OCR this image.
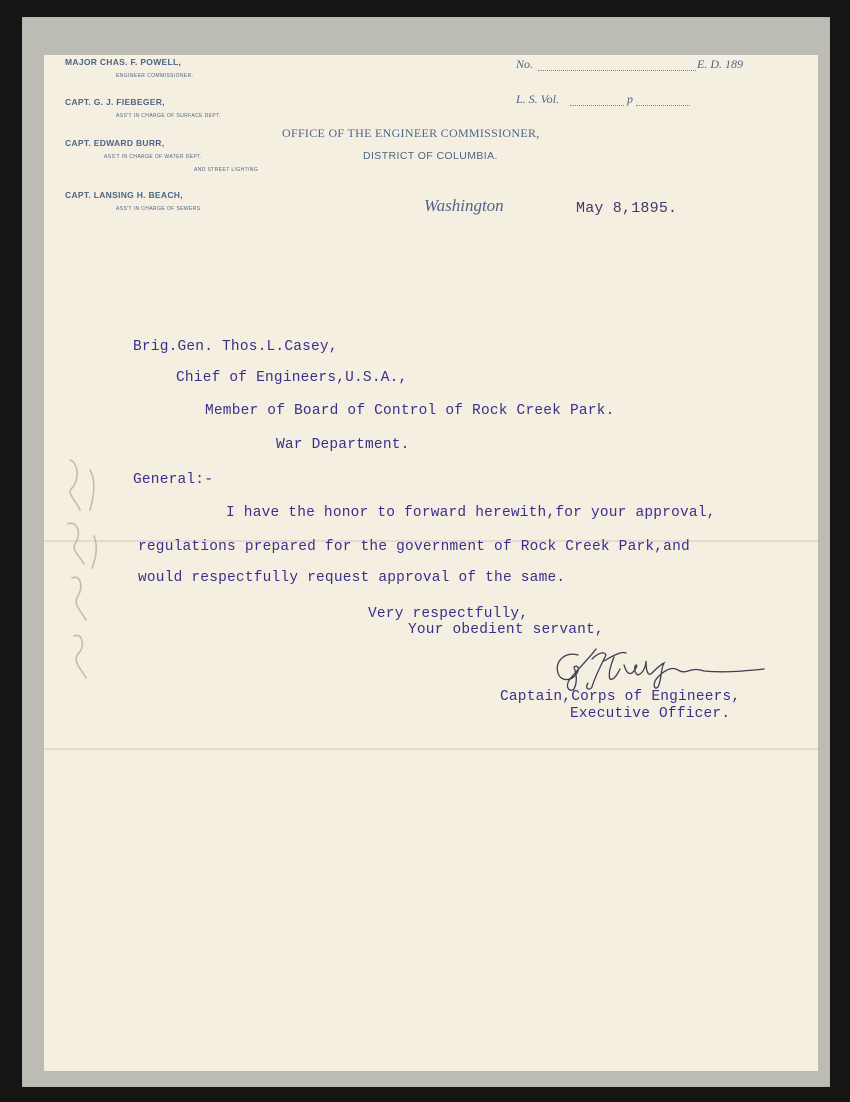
MAJOR CHAS. F. POWELL,
ENGINEER COMMISSIONER.
CAPT. G. J. FIEBEGER,
ASS'T IN CHARGE OF SURFACE DEPT.
CAPT. EDWARD BURR,
ASS'T IN CHARGE OF WATER DEPT.
AND STREET LIGHTING
CAPT. LANSING H. BEACH,
ASS'T IN CHARGE OF SEWERS
OFFICE OF THE ENGINEER COMMISSIONER,
DISTRICT OF COLUMBIA.
No.	E. D. 189
L. S. Vol.	p
Washington	May 8,1895.
Brig.Gen. Thos.L.Casey,
Chief of Engineers,U.S.A.,
Member of Board of Control of Rock Creek Park.
War Department.
General:-
I have the honor to forward herewith,for your approval,
regulations prepared for the government of Rock Creek Park,and
would respectfully request approval of the same.
Very respectfully,
Your obedient servant,
Captain,Corps of Engineers,
Executive Officer.
